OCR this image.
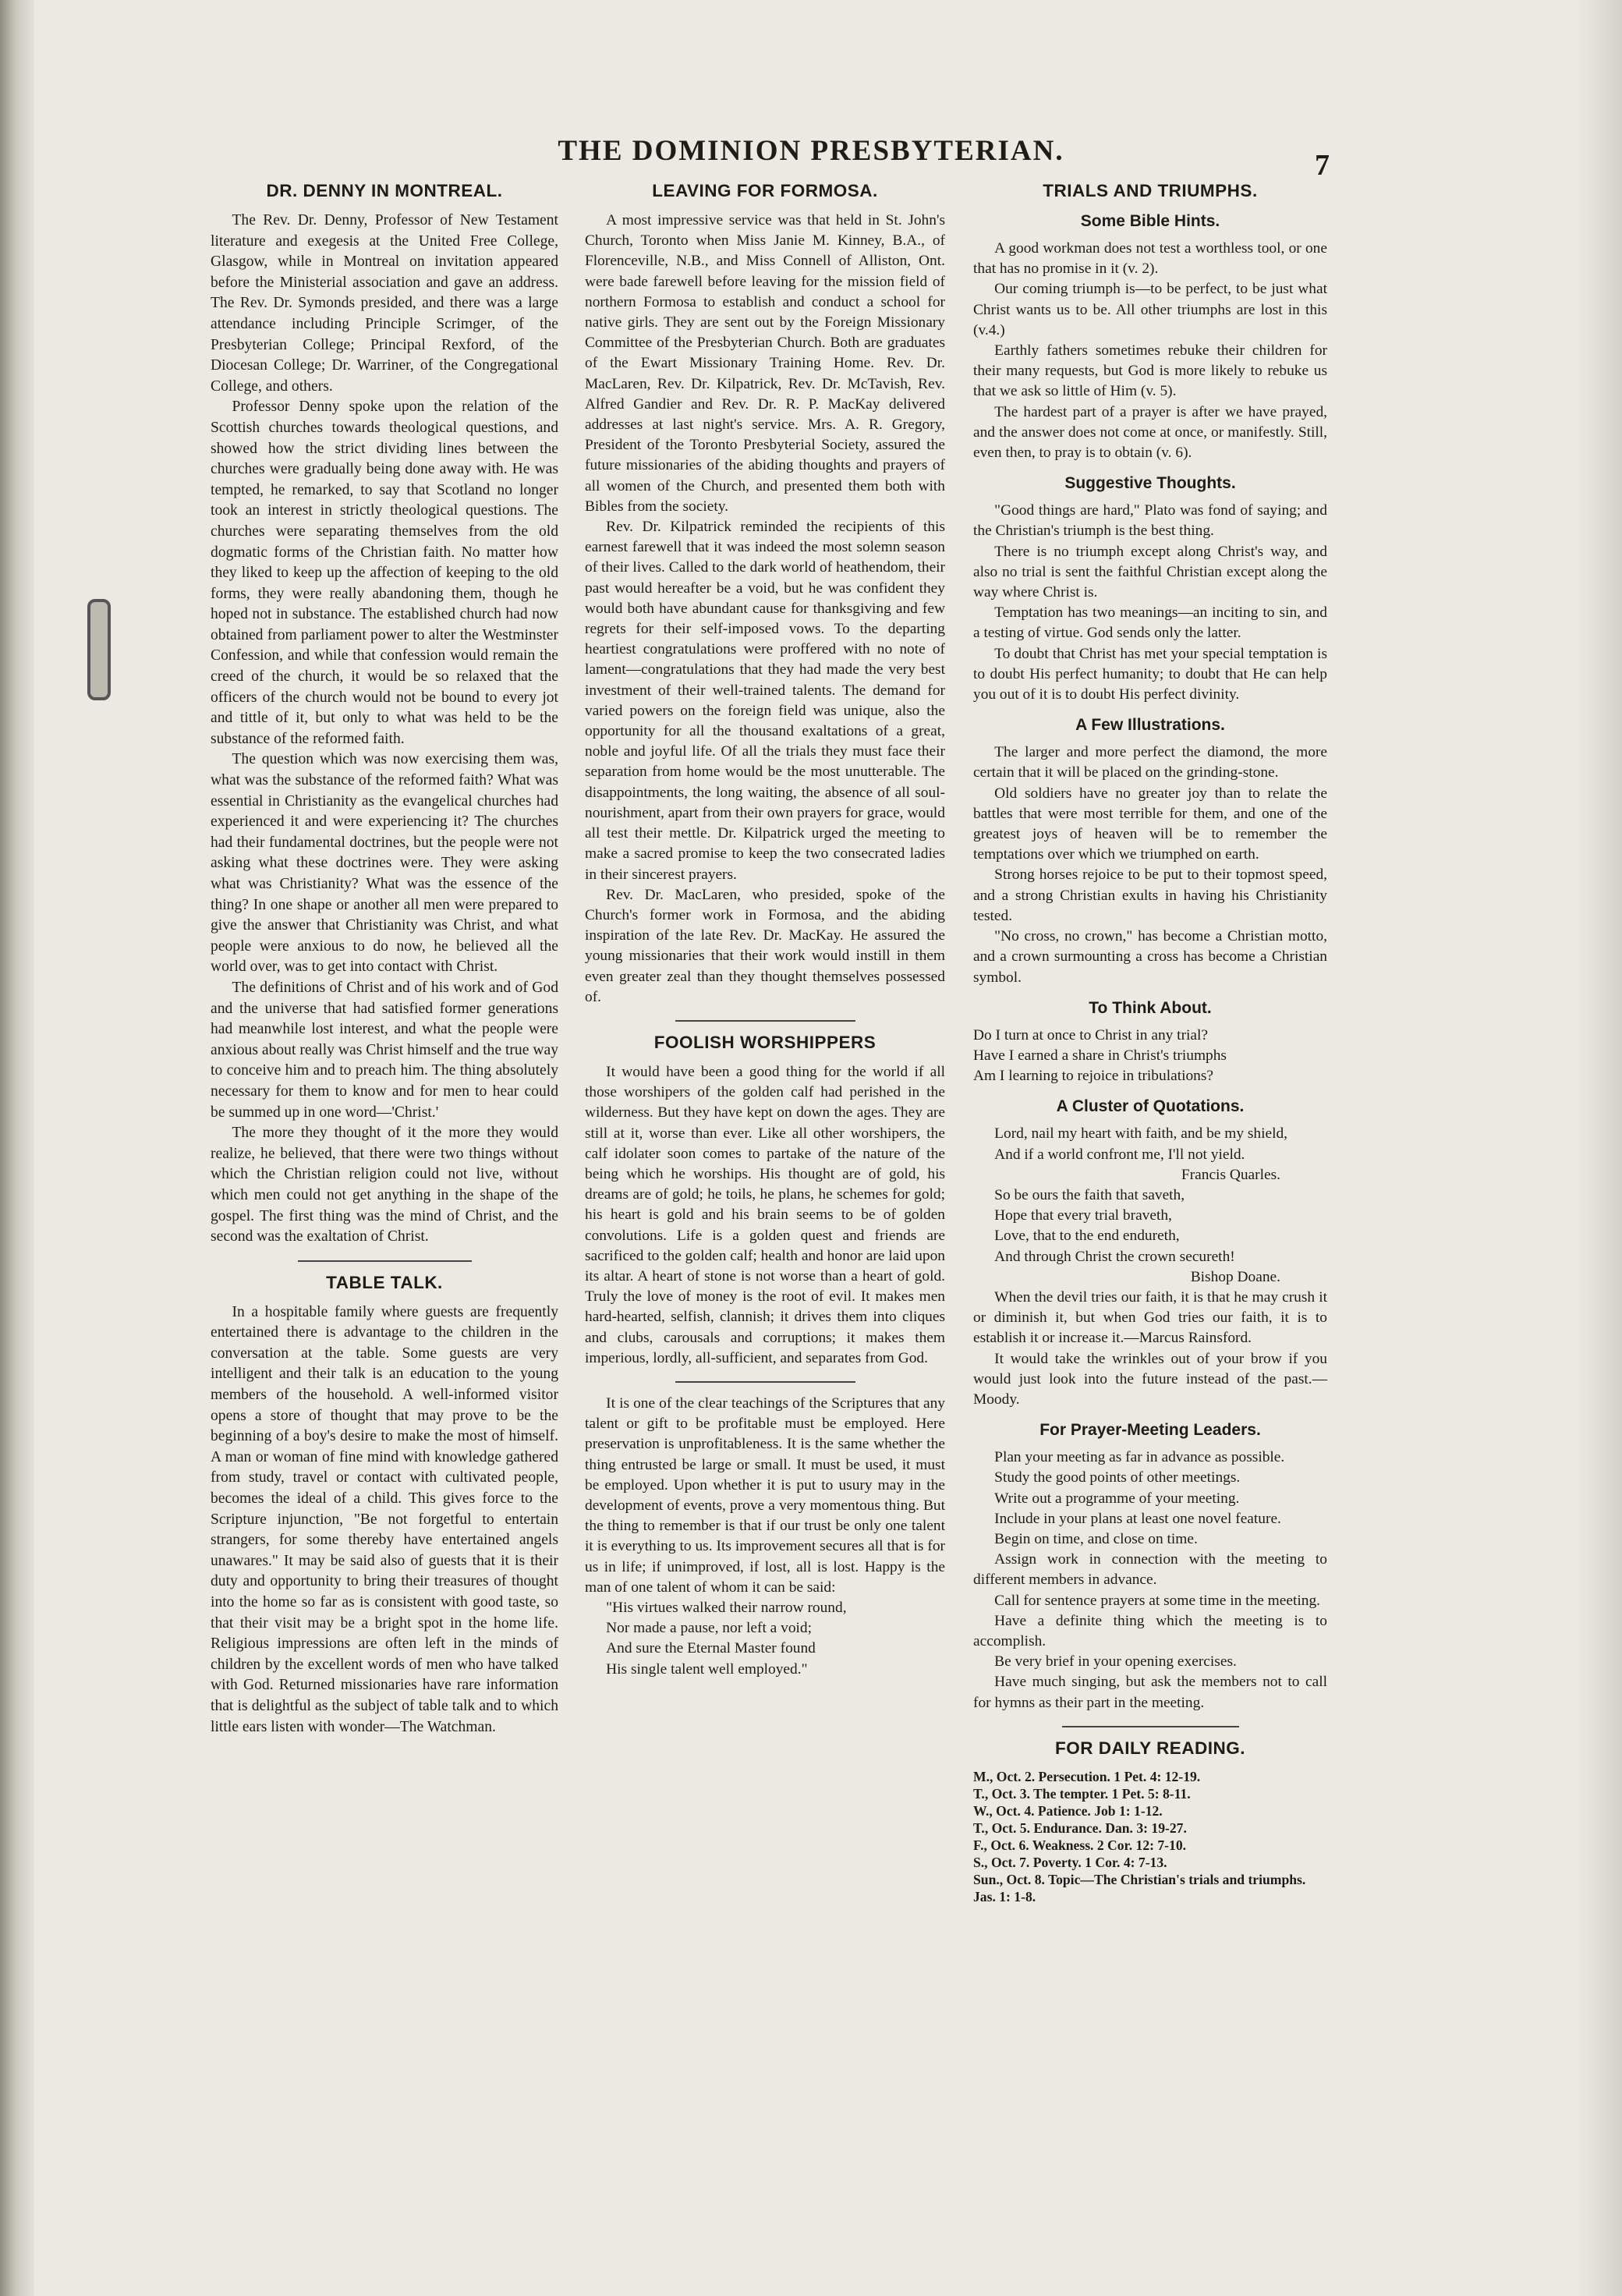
THE DOMINION PRESBYTERIAN.	7
DR. DENNY IN MONTREAL.

The Rev. Dr. Denny, Professor of New Testament literature and exegesis at the United Free College, Glasgow, while in Montreal on invitation appeared before the Ministerial association and gave an address. The Rev. Dr. Symonds presided, and there was a large attendance including Principle Scrimger, of the Presbyterian College; Principal Rexford, of the Diocesan College; Dr. Warriner, of the Congregational College, and others.

Professor Denny spoke upon the relation of the Scottish churches towards theological questions, and showed how the strict dividing lines between the churches were gradually being done away with. He was tempted, he remarked, to say that Scotland no longer took an interest in strictly theological questions. The churches were separating themselves from the old dogmatic forms of the Christian faith. No matter how they liked to keep up the affection of keeping to the old forms, they were really abandoning them, though he hoped not in substance. The established church had now obtained from parliament power to alter the Westminster Confession, and while that confession would remain the creed of the church, it would be so relaxed that the officers of the church would not be bound to every jot and tittle of it, but only to what was held to be the substance of the reformed faith.

The question which was now exercising them was, what was the substance of the reformed faith? What was essential in Christianity as the evangelical churches had experienced it and were experiencing it? The churches had their fundamental doctrines, but the people were not asking what these doctrines were. They were asking what was Christianity? What was the essence of the thing? In one shape or another all men were prepared to give the answer that Christianity was Christ, and what people were anxious to do now, he believed all the world over, was to get into contact with Christ.

The definitions of Christ and of his work and of God and the universe that had satisfied former generations had meanwhile lost interest, and what the people were anxious about really was Christ himself and the true way to conceive him and to preach him. The thing absolutely necessary for them to know and for men to hear could be summed up in one word—'Christ.'

The more they thought of it the more they would realize, he believed, that there were two things without which the Christian religion could not live, without which men could not get anything in the shape of the gospel. The first thing was the mind of Christ, and the second was the exaltation of Christ.

TABLE TALK.

In a hospitable family where guests are frequently entertained there is advantage to the children in the conversation at the table. Some guests are very intelligent and their talk is an education to the young members of the household. A well-informed visitor opens a store of thought that may prove to be the beginning of a boy's desire to make the most of himself. A man or woman of fine mind with knowledge gathered from study, travel or contact with cultivated people, becomes the ideal of a child. This gives force to the Scripture injunction, "Be not forgetful to entertain strangers, for some thereby have entertained angels unawares." It may be said also of guests that it is their duty and opportunity to bring their treasures of thought into the home so far as is consistent with good taste, so that their visit may be a bright spot in the home life. Religious impressions are often left in the minds of children by the excellent words of men who have talked with God. Returned missionaries have rare information that is delightful as the subject of table talk and to which little ears listen with wonder—The Watchman.

LEAVING FOR FORMOSA.

A most impressive service was that held in St. John's Church, Toronto when Miss Janie M. Kinney, B.A., of Florenceville, N.B., and Miss Connell of Alliston, Ont. were bade farewell before leaving for the mission field of northern Formosa to establish and conduct a school for native girls. They are sent out by the Foreign Missionary Committee of the Presbyterian Church. Both are graduates of the Ewart Missionary Training Home. Rev. Dr. MacLaren, Rev. Dr. Kilpatrick, Rev. Dr. McTavish, Rev. Alfred Gandier and Rev. Dr. R. P. MacKay delivered addresses at last night's service. Mrs. A. R. Gregory, President of the Toronto Presbyterial Society, assured the future missionaries of the abiding thoughts and prayers of all women of the Church, and presented them both with Bibles from the society.

Rev. Dr. Kilpatrick reminded the recipients of this earnest farewell that it was indeed the most solemn season of their lives. Called to the dark world of heathendom, their past would hereafter be a void, but he was confident they would both have abundant cause for thanksgiving and few regrets for their self-imposed vows. To the departing heartiest congratulations were proffered with no note of lament—congratulations that they had made the very best investment of their well-trained talents. The demand for varied powers on the foreign field was unique, also the opportunity for all the thousand exaltations of a great, noble and joyful life. Of all the trials they must face their separation from home would be the most unutterable. The disappointments, the long waiting, the absence of all soul-nourishment, apart from their own prayers for grace, would all test their mettle. Dr. Kilpatrick urged the meeting to make a sacred promise to keep the two consecrated ladies in their sincerest prayers.

Rev. Dr. MacLaren, who presided, spoke of the Church's former work in Formosa, and the abiding inspiration of the late Rev. Dr. MacKay. He assured the young missionaries that their work would instill in them even greater zeal than they thought themselves possessed of.

FOOLISH WORSHIPPERS

It would have been a good thing for the world if all those worshipers of the golden calf had perished in the wilderness. But they have kept on down the ages. They are still at it, worse than ever. Like all other worshipers, the calf idolater soon comes to partake of the nature of the being which he worships. His thought are of gold, his dreams are of gold; he toils, he plans, he schemes for gold; his heart is gold and his brain seems to be of golden convolutions. Life is a golden quest and friends are sacrificed to the golden calf; health and honor are laid upon its altar. A heart of stone is not worse than a heart of gold. Truly the love of money is the root of evil. It makes men hard-hearted, selfish, clannish; it drives them into cliques and clubs, carousals and corruptions; it makes them imperious, lordly, all-sufficient, and separates from God.

It is one of the clear teachings of the Scriptures that any talent or gift to be profitable must be employed. Here preservation is unprofitableness. It is the same whether the thing entrusted be large or small. It must be used, it must be employed. Upon whether it is put to usury may in the development of events, prove a very momentous thing. But the thing to remember is that if our trust be only one talent it is everything to us. Its improvement secures all that is for us in life; if unimproved, if lost, all is lost. Happy is the man of one talent of whom it can be said:

"His virtues walked their narrow round,

Nor made a pause, nor left a void;

And sure the Eternal Master found

His single talent well employed."

TRIALS AND TRIUMPHS.
Some Bible Hints.

A good workman does not test a worthless tool, or one that has no promise in it (v. 2).

Our coming triumph is—to be perfect, to be just what Christ wants us to be. All other triumphs are lost in this (v.4.)

Earthly fathers sometimes rebuke their children for their many requests, but God is more likely to rebuke us that we ask so little of Him (v. 5).

The hardest part of a prayer is after we have prayed, and the answer does not come at once, or manifestly. Still, even then, to pray is to obtain (v. 6).

Suggestive Thoughts.

"Good things are hard," Plato was fond of saying; and the Christian's triumph is the best thing.

There is no triumph except along Christ's way, and also no trial is sent the faithful Christian except along the way where Christ is.

Temptation has two meanings—an inciting to sin, and a testing of virtue. God sends only the latter.

To doubt that Christ has met your special temptation is to doubt His perfect humanity; to doubt that He can help you out of it is to doubt His perfect divinity.

A Few Illustrations.

The larger and more perfect the diamond, the more certain that it will be placed on the grinding-stone.

Old soldiers have no greater joy than to relate the battles that were most terrible for them, and one of the greatest joys of heaven will be to remember the temptations over which we triumphed on earth.

Strong horses rejoice to be put to their topmost speed, and a strong Christian exults in having his Christianity tested.

"No cross, no crown," has become a Christian motto, and a crown surmounting a cross has become a Christian symbol.

To Think About.

Do I turn at once to Christ in any trial?

Have I earned a share in Christ's triumphs

Am I learning to rejoice in tribulations?

A Cluster of Quotations.

Lord, nail my heart with faith, and be my shield,

And if a world confront me, I'll not yield.

Francis Quarles.

So be ours the faith that saveth,

Hope that every trial braveth,

Love, that to the end endureth,

And through Christ the crown secureth!

Bishop Doane.

When the devil tries our faith, it is that he may crush it or diminish it, but when God tries our faith, it is to establish it or increase it.—Marcus Rainsford.

It would take the wrinkles out of your brow if you would just look into the future instead of the past.—Moody.

For Prayer-Meeting Leaders.

Plan your meeting as far in advance as possible.

Study the good points of other meetings.

Write out a programme of your meeting.

Include in your plans at least one novel feature.

Begin on time, and close on time.

Assign work in connection with the meeting to different members in advance.

Call for sentence prayers at some time in the meeting.

Have a definite thing which the meeting is to accomplish.

Be very brief in your opening exercises.

Have much singing, but ask the members not to call for hymns as their part in the meeting.

FOR DAILY READING.
M., Oct. 2. Persecution. 1 Pet. 4: 12-19.
T., Oct. 3. The tempter. 1 Pet. 5: 8-11.
W., Oct. 4. Patience. Job 1: 1-12.
T., Oct. 5. Endurance. Dan. 3: 19-27.
F., Oct. 6. Weakness. 2 Cor. 12: 7-10.
S., Oct. 7. Poverty. 1 Cor. 4: 7-13.
Sun., Oct. 8. Topic—The Christian's trials and triumphs. Jas. 1: 1-8.
